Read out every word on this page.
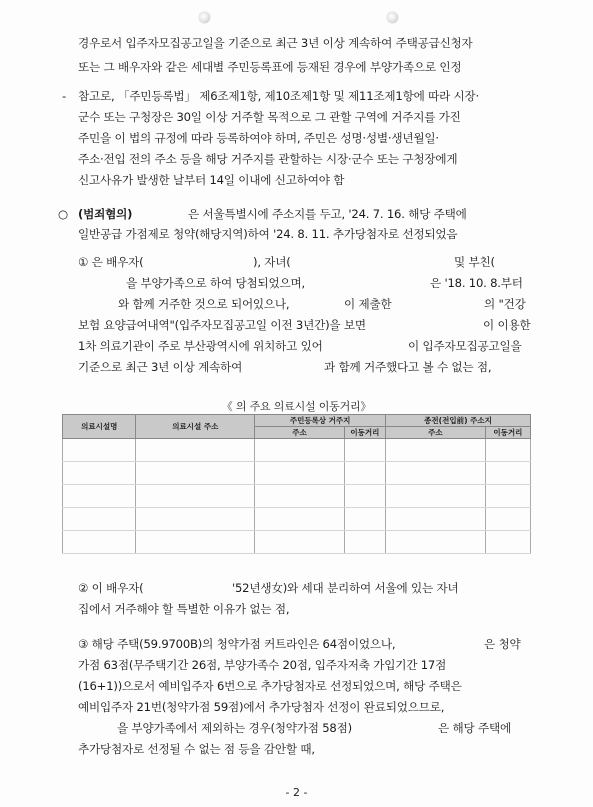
경우로서 입주자모집공고일을 기준으로 최근 3년 이상 계속하여 주택공급신청자
또는 그 배우자와 같은 세대별 주민등록표에 등재된 경우에 부양가족으로 인정
- 참고로, 「주민등록법」 제6조제1항, 제10조제1항 및 제11조제1항에 따라 시장·
군수 또는 구청장은 30일 이상 거주할 목적으로 그 관할 구역에 거주지를 가진
주민을 이 법의 규정에 따라 등록하여야 하며, 주민은 성명·성별·생년월일·
주소·전입 전의 주소 등을 해당 거주지를 관할하는 시장·군수 또는 구청장에게
신고사유가 발생한 날부터 14일 이내에 신고하여야 함
○ (범죄혐의)	은 서울특별시에 주소지를 두고, '24. 7. 16. 해당 주택에
일반공급 가점제로 청약(해당지역)하여 '24. 8. 11. 추가당첨자로 선정되었음
① 은 배우자(	), 자녀(	및 부친(
을 부양가족으로 하여 당첨되었으며,	은 '18. 10. 8.부터
와 함께 거주한 것으로 되어있으나,	이 제출한	의 "건강
보험 요양급여내역"(입주자모집공고일 이전 3년간)을 보면	이 이용한
1차 의료기관이 주로 부산광역시에 위치하고 있어	이 입주자모집공고일을
기준으로 최근 3년 이상 계속하여	과 함께 거주했다고 볼 수 없는 점,
《 의 주요 의료시설 이동거리》
의료시설명	의료시설 주소	주민등록상 거주지		종전(전입前) 주소지	
		주소	이동거리	주소	이동거리

② 이 배우자(	'52년생女)와 세대 분리하여 서울에 있는 자녀
집에서 거주해야 할 특별한 이유가 없는 점,
③ 해당 주택(59.9700B)의 청약가점 커트라인은 64점이었으나,	은 청약
가점 63점(무주택기간 26점, 부양가족수 20점, 입주자저축 가입기간 17점
(16+1))으로서 예비입주자 6번으로 추가당첨자로 선정되었으며, 해당 주택은
예비입주자 21번(청약가점 59점)에서 추가당첨자 선정이 완료되었으므로,
을 부양가족에서 제외하는 경우(청약가점 58점)	은 해당 주택에
추가당첨자로 선정될 수 없는 점 등을 감안할 때,
- 2 -
